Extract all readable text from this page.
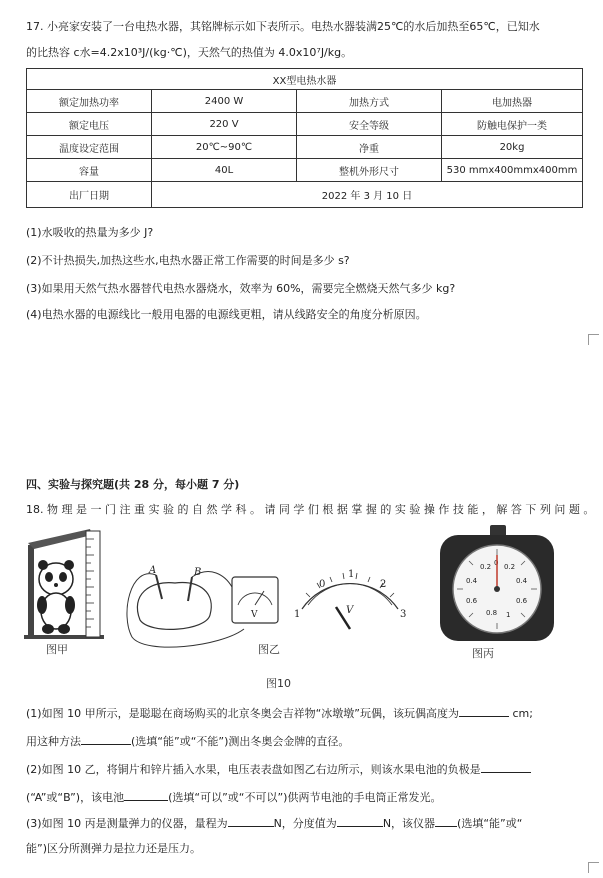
17. 小亮家安装了一台电热水器，其铭牌标示如下表所示。电热水器装满25℃的水后加热至65℃，已知水
的比热容 c水=4.2x10³J/(kg·℃)，天然气的热值为 4.0x10⁷J/kg。
XX型电热水器			
额定加热功率	2400 W	加热方式	电加热器
额定电压	220 V	安全等级	防触电保护一类
温度设定范围	20℃~90℃	净重	20kg
容量	40L	整机外形尺寸	530 mmx400mmx400mm
出厂日期	2022 年 3 月 10 日		
(1)水吸收的热量为多少 J?
(2)不计热损失,加热这些水,电热水器正常工作需要的时间是多少 s?
(3)如果用天然气热水器替代电热水器烧水，效率为 60%，需要完全燃烧天然气多少 kg?
(4)电热水器的电源线比一般用电器的电源线更粗，请从线路安全的角度分析原因。
四、实验与探究题(共 28 分，每小题 7 分)
18. 物 理 是 一 门 注 重 实 验 的 自 然 学 科 。 请 同 学 们 根 据 掌 握 的 实 验 操 作 技 能 ， 解 答 下 列 问 题 。
图甲
A	B
V
图乙
0
1
2
3
1	V
0.2 0 0.2
0.4	0.4
0.6	0.6
0.8 1
图丙
图10
(1)如图 10 甲所示，是聪聪在商场购买的北京冬奥会吉祥物“冰墩墩”玩偶，该玩偶高度为	cm;
用这种方法	(选填“能”或“不能”)测出冬奥会金牌的直径。
(2)如图 10 乙，将铜片和锌片插入水果，电压表表盘如图乙右边所示，则该水果电池的负极是
(“A”或“B”)，该电池	(选填“可以”或“不可以”)供两节电池的手电筒正常发光。
(3)如图 10 丙是测量弹力的仪器，量程为	N，分度值为	N，该仪器 (选填“能”或“
能”)区分所测弹力是拉力还是压力。
